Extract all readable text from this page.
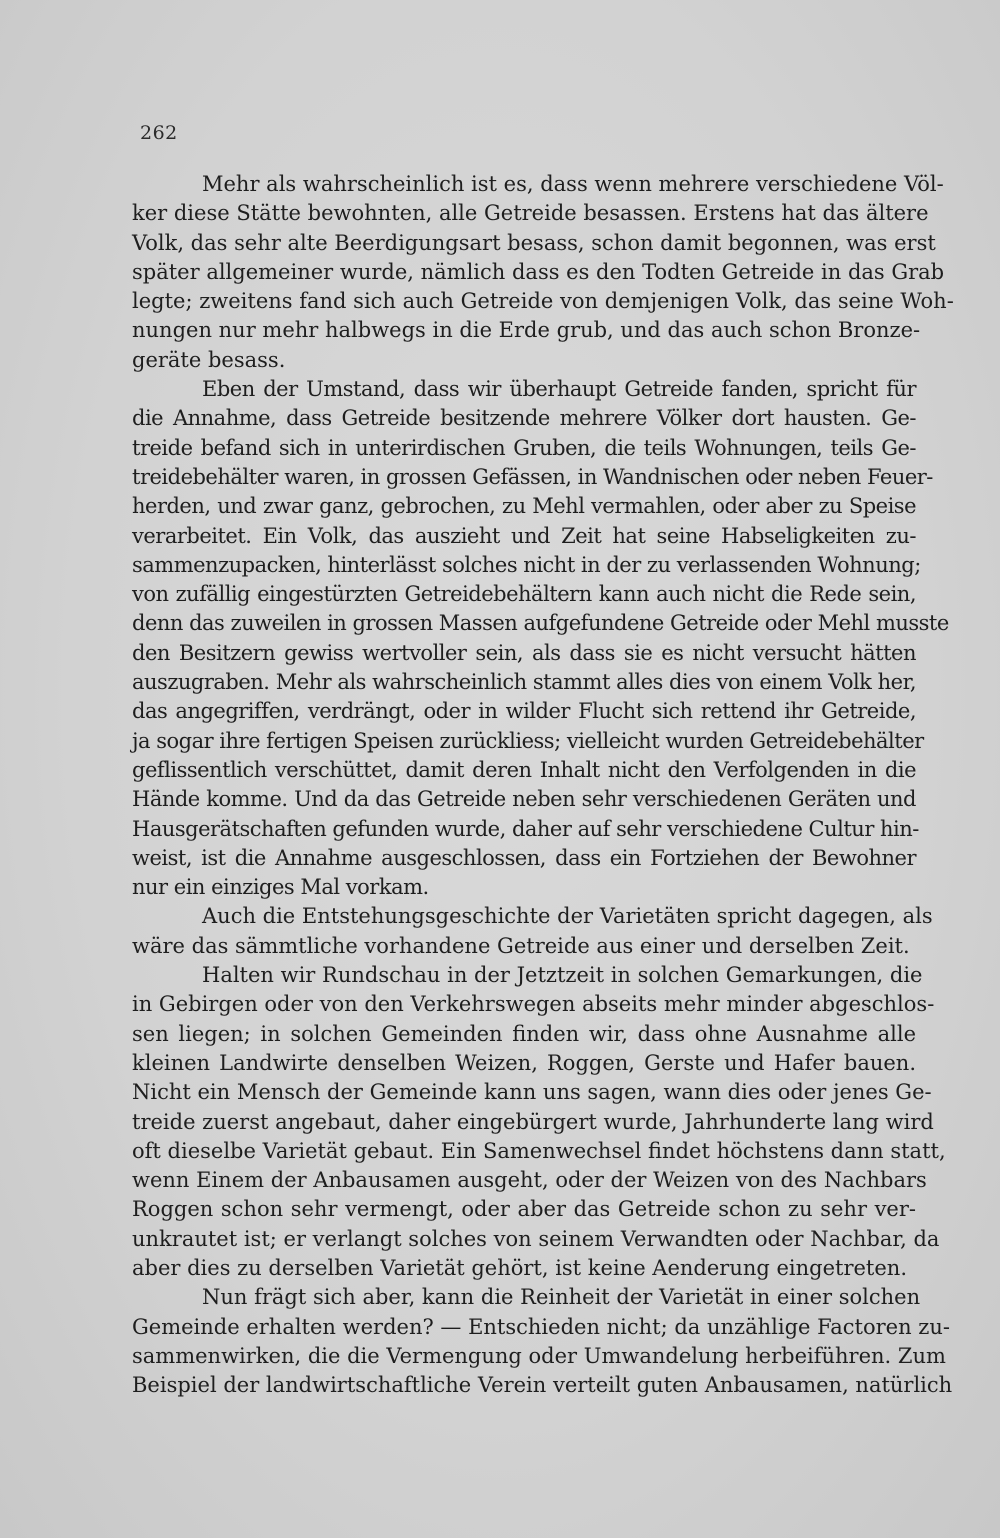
262

Mehr als wahrscheinlich ist es, dass wenn mehrere verschiedene Völ-
ker diese Stätte bewohnten, alle Getreide besassen. Erstens hat das ältere
Volk, das sehr alte Beerdigungsart besass, schon damit begonnen, was erst
später allgemeiner wurde, nämlich dass es den Todten Getreide in das Grab
legte; zweitens fand sich auch Getreide von demjenigen Volk, das seine Woh-
nungen nur mehr halbwegs in die Erde grub, und das auch schon Bronze-
geräte besass.

Eben der Umstand, dass wir überhaupt Getreide fanden, spricht für
die Annahme, dass Getreide besitzende mehrere Völker dort hausten. Ge-
treide befand sich in unterirdischen Gruben, die teils Wohnungen, teils Ge-
treidebehälter waren, in grossen Gefässen, in Wandnischen oder neben Feuer-
herden, und zwar ganz, gebrochen, zu Mehl vermahlen, oder aber zu Speise
verarbeitet. Ein Volk, das auszieht und Zeit hat seine Habseligkeiten zu-
sammenzupacken, hinterlässt solches nicht in der zu verlassenden Wohnung;
von zufällig eingestürzten Getreidebehältern kann auch nicht die Rede sein,
denn das zuweilen in grossen Massen aufgefundene Getreide oder Mehl musste
den Besitzern gewiss wertvoller sein, als dass sie es nicht versucht hätten
auszugraben. Mehr als wahrscheinlich stammt alles dies von einem Volk her,
das angegriffen, verdrängt, oder in wilder Flucht sich rettend ihr Getreide,
ja sogar ihre fertigen Speisen zurückliess; vielleicht wurden Getreidebehälter
geflissentlich verschüttet, damit deren Inhalt nicht den Verfolgenden in die
Hände komme. Und da das Getreide neben sehr verschiedenen Geräten und
Hausgerätschaften gefunden wurde, daher auf sehr verschiedene Cultur hin-
weist, ist die Annahme ausgeschlossen, dass ein Fortziehen der Bewohner
nur ein einziges Mal vorkam.

Auch die Entstehungsgeschichte der Varietäten spricht dagegen, als
wäre das sämmtliche vorhandene Getreide aus einer und derselben Zeit.

Halten wir Rundschau in der Jetztzeit in solchen Gemarkungen, die
in Gebirgen oder von den Verkehrswegen abseits mehr minder abgeschlos-
sen liegen; in solchen Gemeinden finden wir, dass ohne Ausnahme alle
kleinen Landwirte denselben Weizen, Roggen, Gerste und Hafer bauen.
Nicht ein Mensch der Gemeinde kann uns sagen, wann dies oder jenes Ge-
treide zuerst angebaut, daher eingebürgert wurde, Jahrhunderte lang wird
oft dieselbe Varietät gebaut. Ein Samenwechsel findet höchstens dann statt,
wenn Einem der Anbausamen ausgeht, oder der Weizen von des Nachbars
Roggen schon sehr vermengt, oder aber das Getreide schon zu sehr ver-
unkrautet ist; er verlangt solches von seinem Verwandten oder Nachbar, da
aber dies zu derselben Varietät gehört, ist keine Aenderung eingetreten.

Nun frägt sich aber, kann die Reinheit der Varietät in einer solchen
Gemeinde erhalten werden? — Entschieden nicht; da unzählige Factoren zu-
sammenwirken, die die Vermengung oder Umwandelung herbeiführen. Zum
Beispiel der landwirtschaftliche Verein verteilt guten Anbausamen, natürlich
